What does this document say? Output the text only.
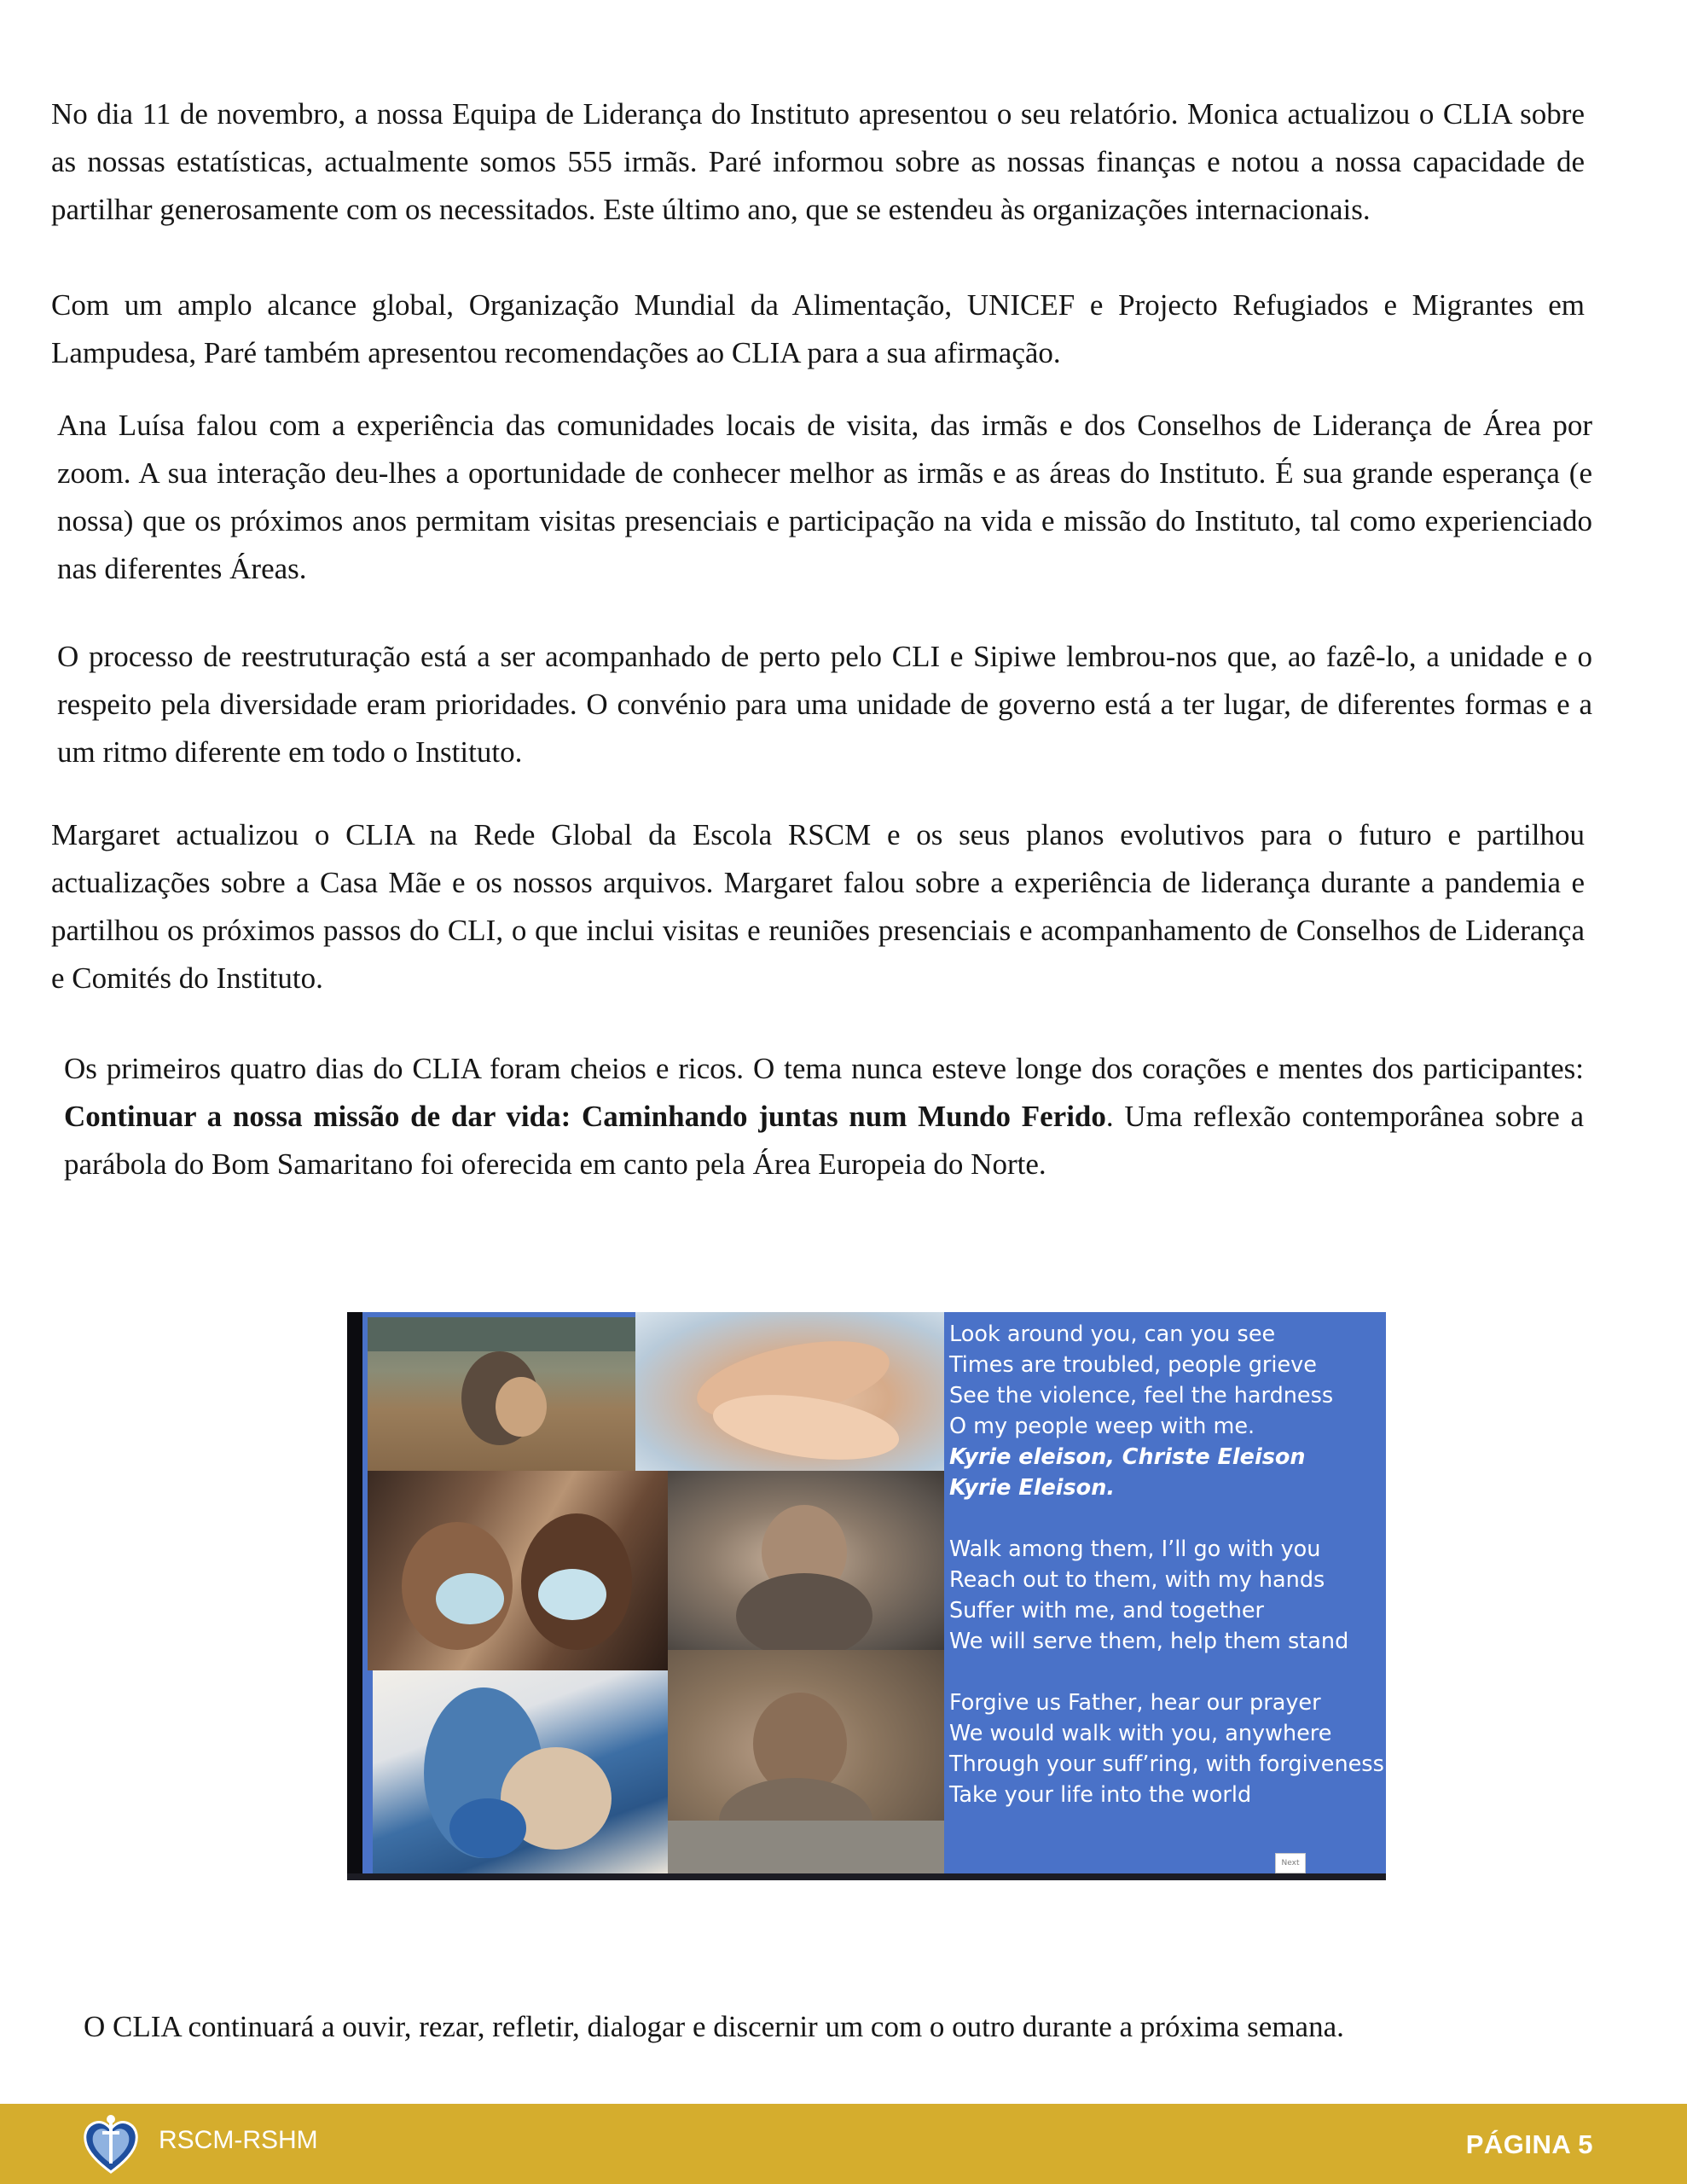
No dia 11 de novembro, a nossa Equipa de Liderança do Instituto apresentou o seu relatório. Monica actualizou o CLIA sobre as nossas estatísticas, actualmente somos 555 irmãs. Paré informou sobre as nossas finanças e notou a nossa capacidade de partilhar generosamente com os necessitados. Este último ano, que se estendeu às organizações internacionais.

Com um amplo alcance global, Organização Mundial da Alimentação, UNICEF e Projecto Refugiados e Migrantes em Lampudesa, Paré também apresentou recomendações ao CLIA para a sua afirmação.

Ana Luísa falou com a experiência das comunidades locais de visita, das irmãs e dos Conselhos de Liderança de Área por zoom. A sua interação deu-lhes a oportunidade de conhecer melhor as irmãs e as áreas do Instituto. É sua grande esperança (e nossa) que os próximos anos permitam visitas presenciais e participação na vida e missão do Instituto, tal como experienciado nas diferentes Áreas.

O processo de reestruturação está a ser acompanhado de perto pelo CLI e Sipiwe lembrou-nos que, ao fazê-lo, a unidade e o respeito pela diversidade eram prioridades. O convénio para uma unidade de governo está a ter lugar, de diferentes formas e a um ritmo diferente em todo o Instituto.

Margaret actualizou o CLIA na Rede Global da Escola RSCM e os seus planos evolutivos para o futuro e partilhou actualizações sobre a Casa Mãe e os nossos arquivos. Margaret falou sobre a experiência de liderança durante a pandemia e partilhou os próximos passos do CLI, o que inclui visitas e reuniões presenciais e acompanhamento de Conselhos de Liderança e Comités do Instituto.

Os primeiros quatro dias do CLIA foram cheios e ricos. O tema nunca esteve longe dos corações e mentes dos participantes: Continuar a nossa missão de dar vida: Caminhando juntas num Mundo Ferido. Uma reflexão contemporânea sobre a parábola do Bom Samaritano foi oferecida em canto pela Área Europeia do Norte.

Look around you, can you see
Times are troubled, people grieve
See the violence, feel the hardness
O my people weep with me.
Kyrie eleison, Christe Eleison
Kyrie Eleison.
Walk among them, I’ll go with you
Reach out to them, with my hands
Suffer with me, and together
We will serve them, help them stand
Forgive us Father, hear our prayer
We would walk with you, anywhere
Through your suff’ring, with forgiveness
Take your life into the world
Next

O CLIA continuará a ouvir, rezar, refletir, dialogar e discernir um com o outro durante a próxima semana.

RSCM-RSHM	PÁGINA 5
